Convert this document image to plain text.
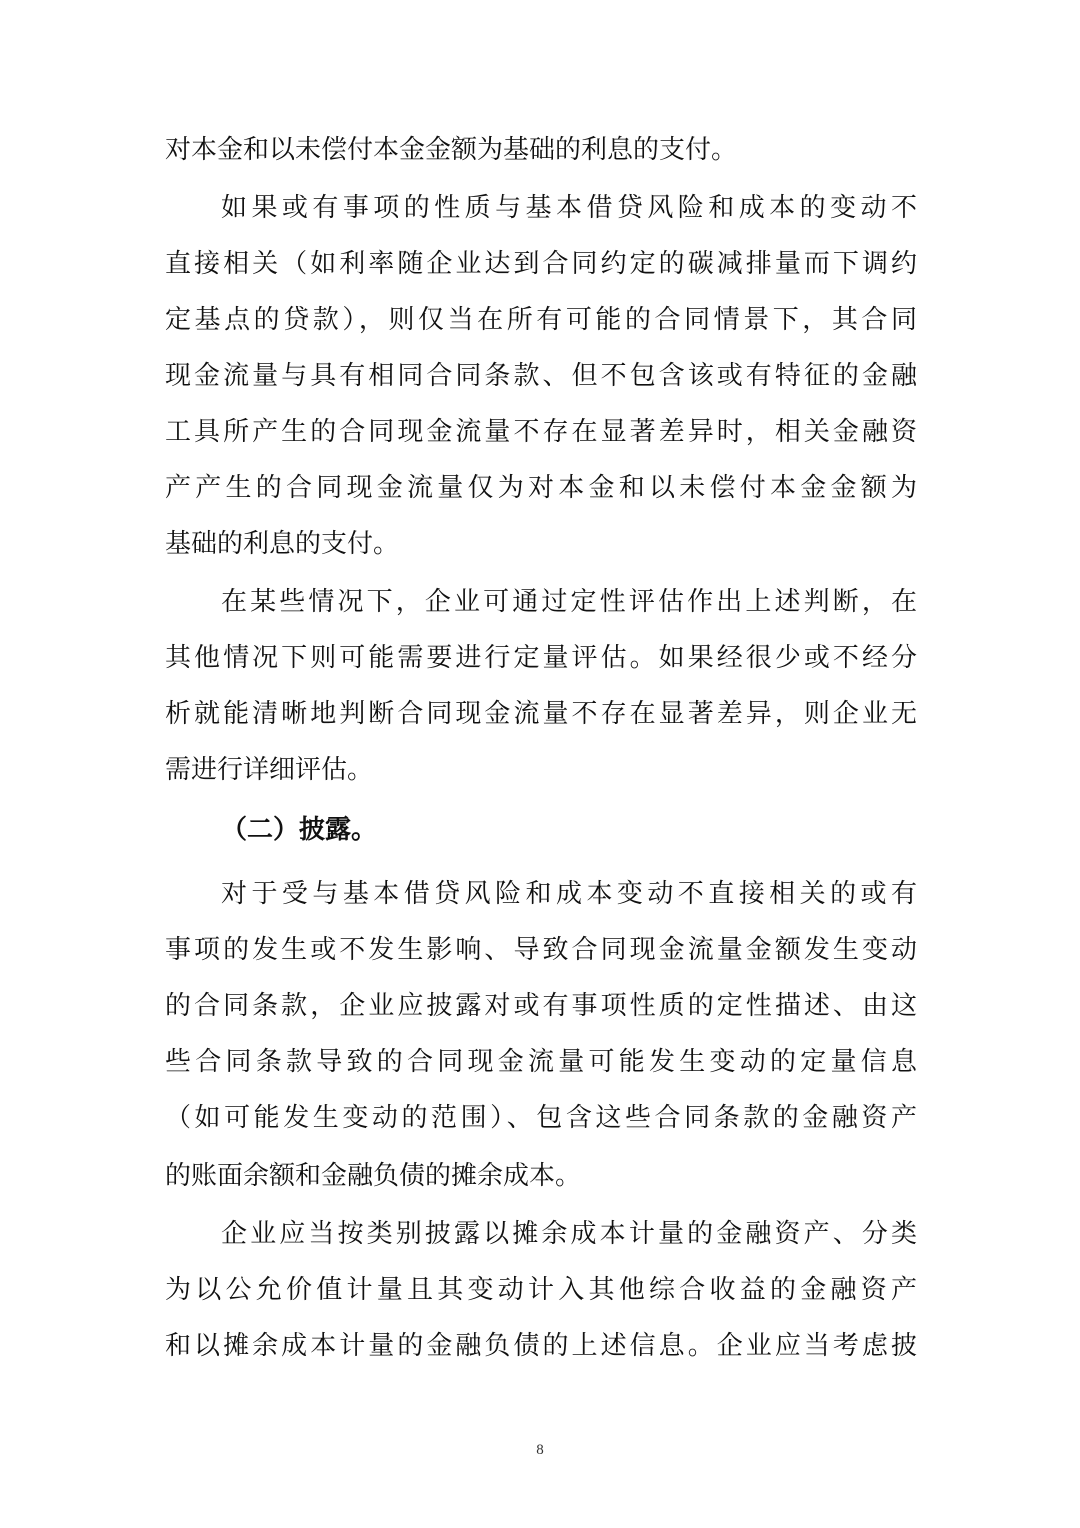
对本金和以未偿付本金金额为基础的利息的支付。
如果或有事项的性质与基本借贷风险和成本的变动不
直接相关（如利率随企业达到合同约定的碳减排量而下调约
定基点的贷款），则仅当在所有可能的合同情景下，其合同
现金流量与具有相同合同条款、但不包含该或有特征的金融
工具所产生的合同现金流量不存在显著差异时，相关金融资
产产生的合同现金流量仅为对本金和以未偿付本金金额为
基础的利息的支付。
在某些情况下，企业可通过定性评估作出上述判断，在
其他情况下则可能需要进行定量评估。如果经很少或不经分
析就能清晰地判断合同现金流量不存在显著差异，则企业无
需进行详细评估。
（二）披露。
对于受与基本借贷风险和成本变动不直接相关的或有
事项的发生或不发生影响、导致合同现金流量金额发生变动
的合同条款，企业应披露对或有事项性质的定性描述、由这
些合同条款导致的合同现金流量可能发生变动的定量信息
（如可能发生变动的范围）、包含这些合同条款的金融资产
的账面余额和金融负债的摊余成本。
企业应当按类别披露以摊余成本计量的金融资产、分类
为以公允价值计量且其变动计入其他综合收益的金融资产
和以摊余成本计量的金融负债的上述信息。企业应当考虑披
8
